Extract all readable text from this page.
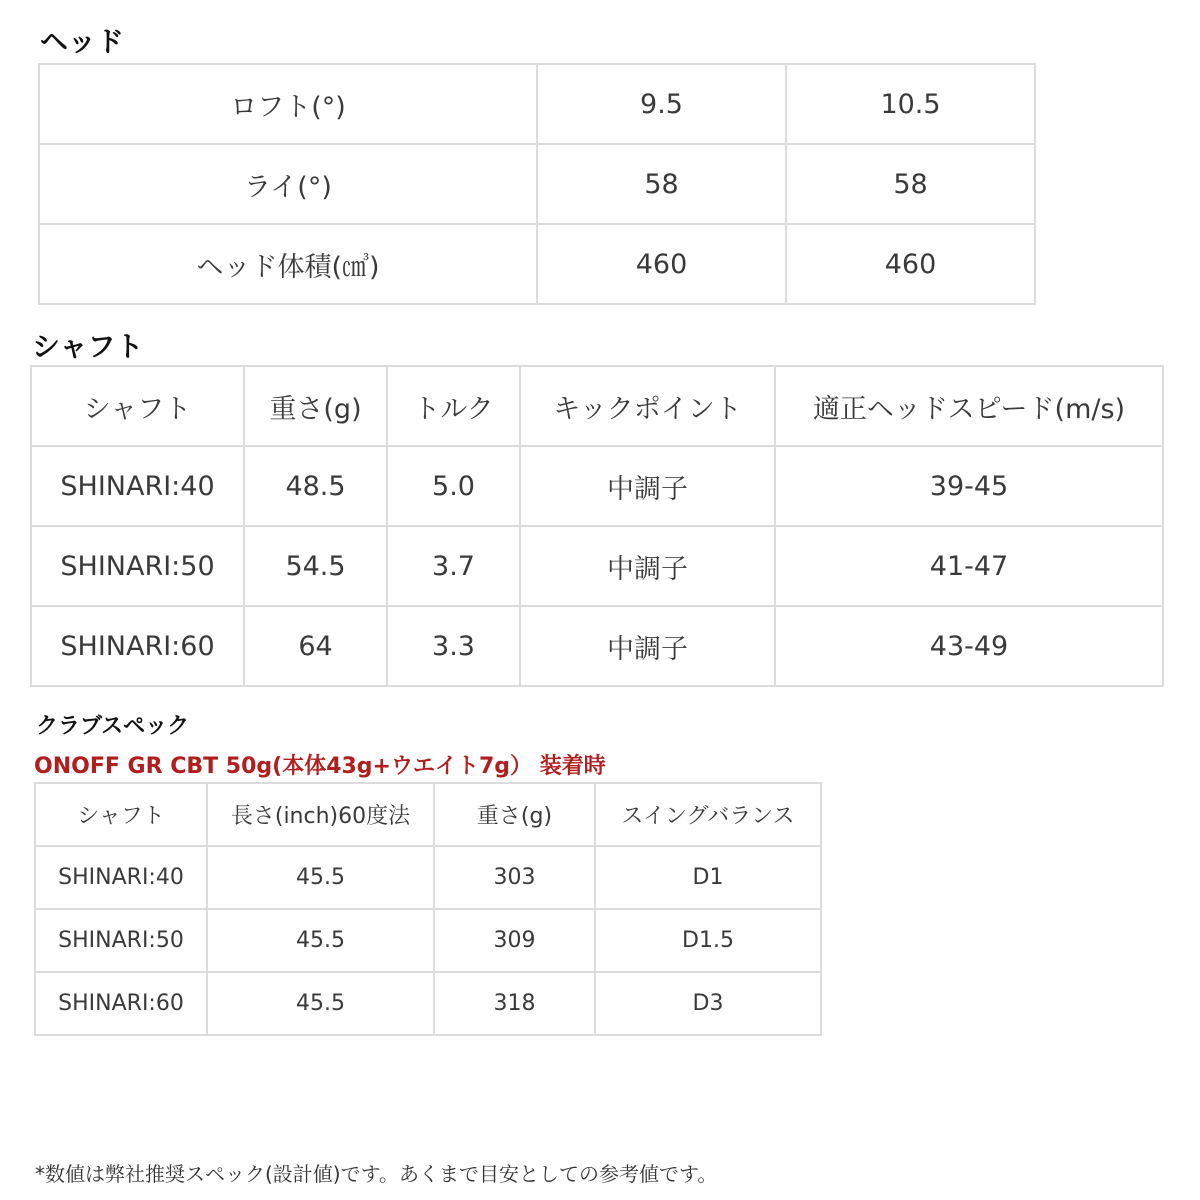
ヘッド
ロフト(°)	9.5	10.5
ライ(°)	58	58
ヘッド体積(㎤)	460	460
シャフト
シャフト	重さ(g)	トルク	キックポイント	適正ヘッドスピード(m/s)
SHINARI:40	48.5	5.0	中調子	39-45
SHINARI:50	54.5	3.7	中調子	41-47
SHINARI:60	64	3.3	中調子	43-49
クラブスペック

ONOFF GR CBT 50g(本体43g+ウエイト7g） 装着時

シャフト	長さ(inch)60度法	重さ(g)	スイングバランス
SHINARI:40	45.5	303	D1
SHINARI:50	45.5	309	D1.5
SHINARI:60	45.5	318	D3

*数値は弊社推奨スペック(設計値)です。あくまで目安としての参考値です。
